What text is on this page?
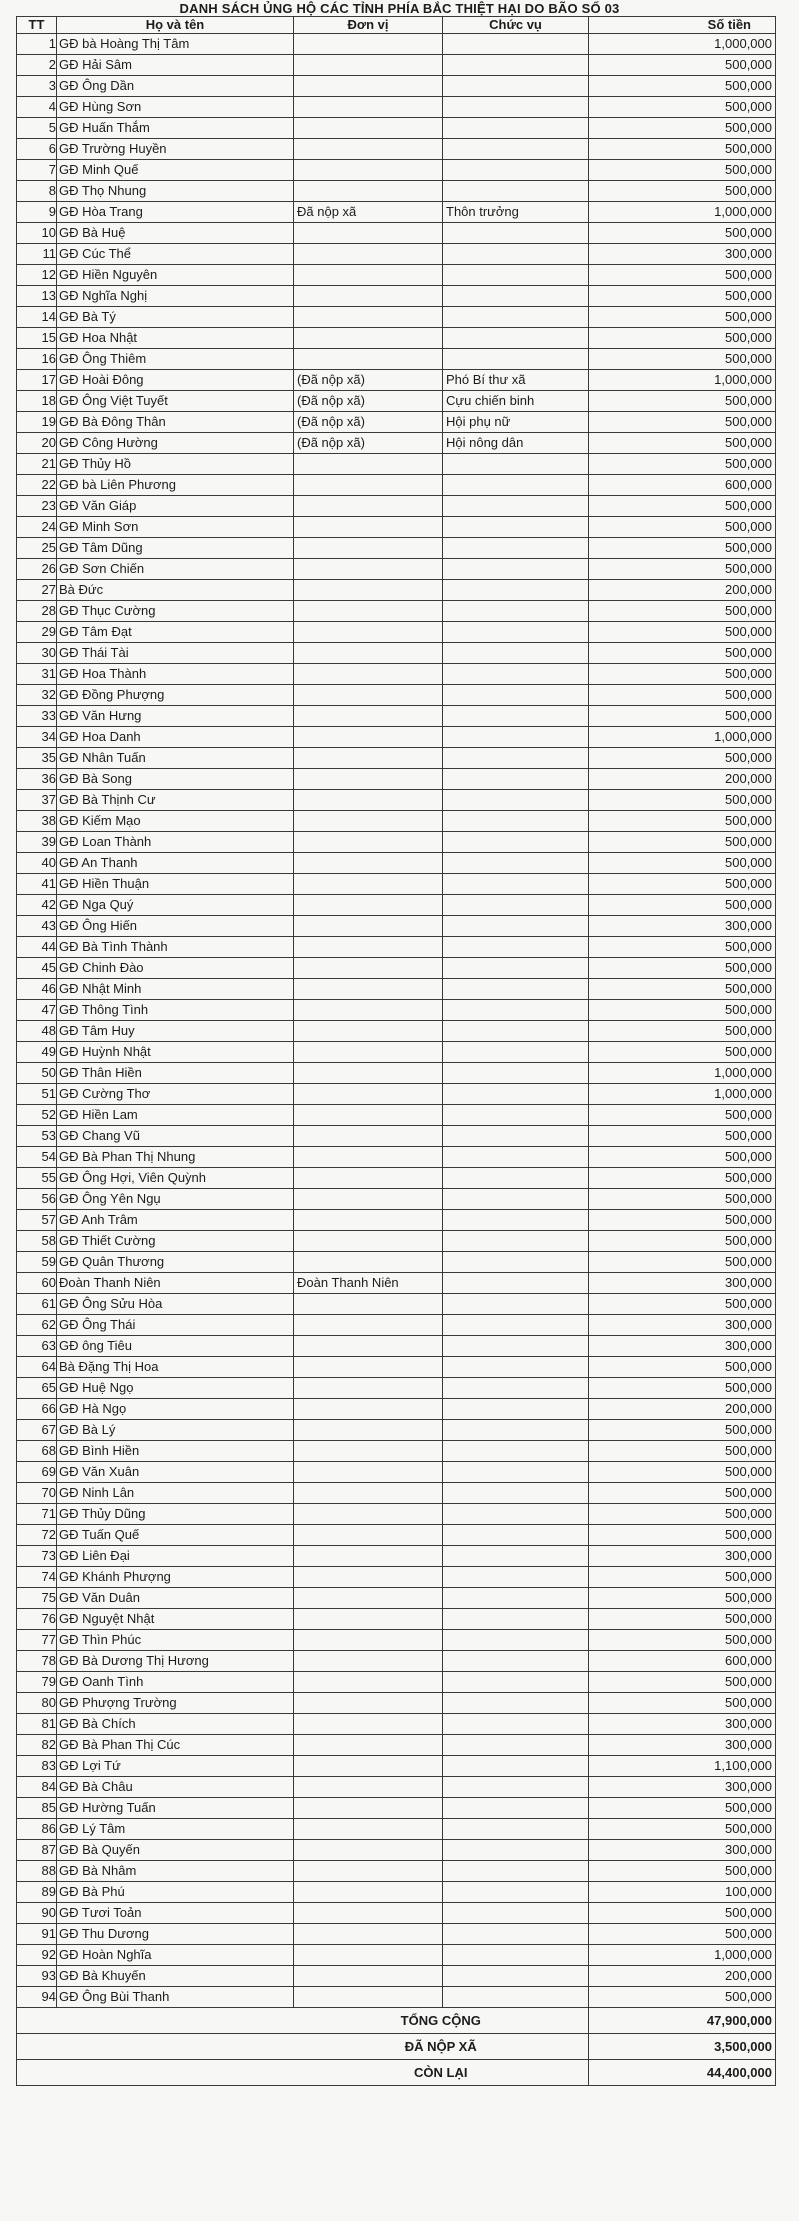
DANH SÁCH ỦNG HỘ CÁC TỈNH PHÍA BẮC THIỆT HẠI DO BÃO SỐ 03
TT	Họ và tên	Đơn vị	Chức vụ	Số tiền
1	GĐ bà Hoàng Thị Tâm			1,000,000
2	GĐ Hải Sâm			500,000
3	GĐ Ông Dần			500,000
4	GĐ Hùng Sơn			500,000
5	GĐ Huấn Thắm			500,000
6	GĐ Trường Huyền			500,000
7	GĐ Minh Quế			500,000
8	GĐ Thọ Nhung			500,000
9	GĐ Hòa Trang	Đã nộp xã	Thôn trưởng	1,000,000
10	GĐ Bà Huệ			500,000
11	GĐ Cúc Thể			300,000
12	GĐ Hiền Nguyên			500,000
13	GĐ Nghĩa Nghị			500,000
14	GĐ Bà Tý			500,000
15	GĐ Hoa Nhật			500,000
16	GĐ Ông Thiêm			500,000
17	GĐ Hoài Đông	(Đã nộp xã)	Phó Bí thư xã	1,000,000
18	GĐ Ông Việt Tuyết	(Đã nộp xã)	Cựu chiến binh	500,000
19	GĐ Bà Đông Thân	(Đã nộp xã)	Hội phụ nữ	500,000
20	GĐ Công Hường	(Đã nộp xã)	Hội nông dân	500,000
21	GĐ Thủy Hồ			500,000
22	GĐ bà Liên Phương			600,000
23	GĐ Văn Giáp			500,000
24	GĐ Minh Sơn			500,000
25	GĐ Tâm Dũng			500,000
26	GĐ Sơn Chiến			500,000
27	Bà Đức			200,000
28	GĐ Thục Cường			500,000
29	GĐ Tâm Đạt			500,000
30	GĐ Thái Tài			500,000
31	GĐ Hoa Thành			500,000
32	GĐ Đồng Phượng			500,000
33	GĐ Văn Hưng			500,000
34	GĐ Hoa Danh			1,000,000
35	GĐ Nhân Tuấn			500,000
36	GĐ Bà Song			200,000
37	GĐ Bà Thịnh Cư			500,000
38	GĐ Kiếm Mạo			500,000
39	GĐ Loan Thành			500,000
40	GĐ An Thanh			500,000
41	GĐ Hiền Thuận			500,000
42	GĐ Nga Quý			500,000
43	GĐ Ông Hiến			300,000
44	GĐ Bà Tình Thành			500,000
45	GĐ Chinh Đào			500,000
46	GĐ Nhật Minh			500,000
47	GĐ Thông Tình			500,000
48	GĐ Tâm Huy			500,000
49	GĐ Huỳnh Nhật			500,000
50	GĐ Thân Hiền			1,000,000
51	GĐ Cường Thơ			1,000,000
52	GĐ Hiền Lam			500,000
53	GĐ Chang Vũ			500,000
54	GĐ Bà Phan Thị Nhung			500,000
55	GĐ Ông Hợi, Viên Quỳnh			500,000
56	GĐ Ông Yên Ngụ			500,000
57	GĐ Anh Trâm			500,000
58	GĐ Thiết Cường			500,000
59	GĐ Quân Thương			500,000
60	Đoàn Thanh Niên	Đoàn Thanh Niên		300,000
61	GĐ Ông Sửu Hòa			500,000
62	GĐ Ông Thái			300,000
63	GĐ ông Tiêu			300,000
64	Bà Đặng Thị Hoa			500,000
65	GĐ Huệ Ngọ			500,000
66	GĐ Hà Ngọ			200,000
67	GĐ Bà Lý			500,000
68	GĐ Bình Hiền			500,000
69	GĐ Văn Xuân			500,000
70	GĐ Ninh Lân			500,000
71	GĐ Thủy Dũng			500,000
72	GĐ Tuấn Quế			500,000
73	GĐ Liên Đại			300,000
74	GĐ Khánh Phượng			500,000
75	GĐ Văn Duân			500,000
76	GĐ Nguyệt Nhật			500,000
77	GĐ Thìn Phúc			500,000
78	GĐ Bà Dương Thị Hương			600,000
79	GĐ Oanh Tình			500,000
80	GĐ Phượng Trường			500,000
81	GĐ Bà Chích			300,000
82	GĐ Bà Phan Thị Cúc			300,000
83	GĐ Lợi Tứ			1,100,000
84	GĐ Bà Châu			300,000
85	GĐ Hường Tuấn			500,000
86	GĐ Lý Tâm			500,000
87	GĐ Bà Quyến			300,000
88	GĐ Bà Nhâm			500,000
89	GĐ Bà Phú			100,000
90	GĐ Tươi Toản			500,000
91	GĐ Thu Dương			500,000
92	GĐ Hoàn Nghĩa			1,000,000
93	GĐ Bà Khuyến			200,000
94	GĐ Ông Bùi Thanh			500,000
		TỔNG CỘNG		47,900,000
		ĐÃ NỘP XÃ		3,500,000
		CÒN LẠI		44,400,000
